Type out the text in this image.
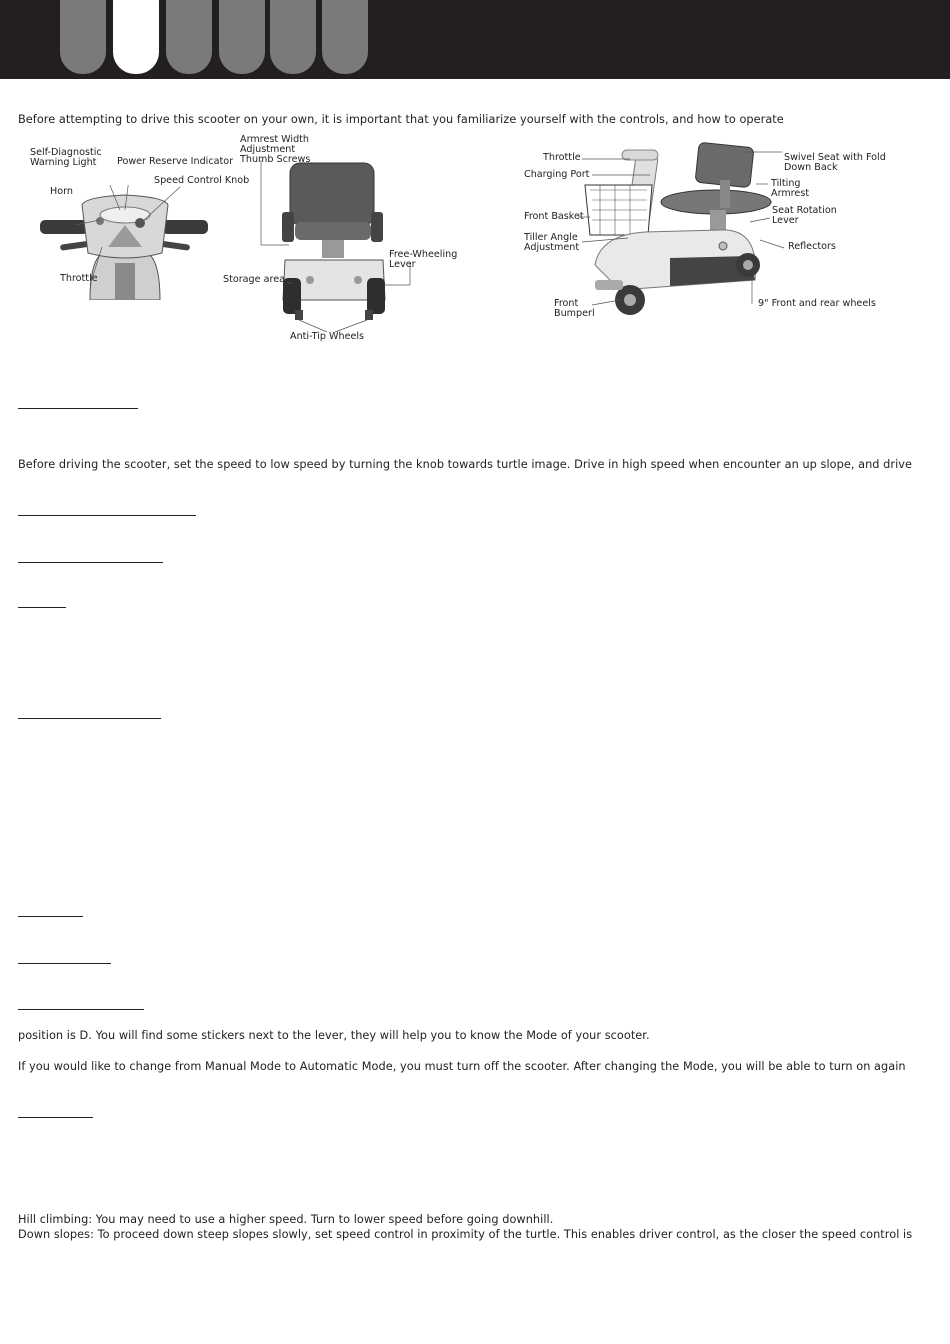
Before attempting to drive this scooter on your own, it is important that you familiarize yourself with the controls, and how to operate
Self-Diagnostic
Warning Light	Power Reserve Indicator
Speed Control Knob
Horn
Throttle
Armrest Width
Adjustment
Thumb Screws
Storage area
Free-Wheeling
Lever
Anti-Tip Wheels
Throttle
Charging Port
Front Basket
Tiller Angle
Adjustment
Front
Bumperl
Swivel Seat with Fold
Down Back
Tilting
Armrest
Seat Rotation
Lever
Reflectors
9" Front and rear wheels
Before driving the scooter, set the speed to low speed by turning the knob towards turtle image. Drive in high speed when encounter an up slope, and drive
position is D. You will find some stickers next to the lever, they will help you to know the Mode of your scooter.
If you would like to change from Manual Mode to Automatic Mode, you must turn off the scooter. After changing the Mode, you will be able to turn on again
Hill climbing: You may need to use a higher speed. Turn to lower speed before going downhill.
Down slopes: To proceed down steep slopes slowly, set speed control in proximity of the turtle. This enables driver control, as the closer the speed control is
